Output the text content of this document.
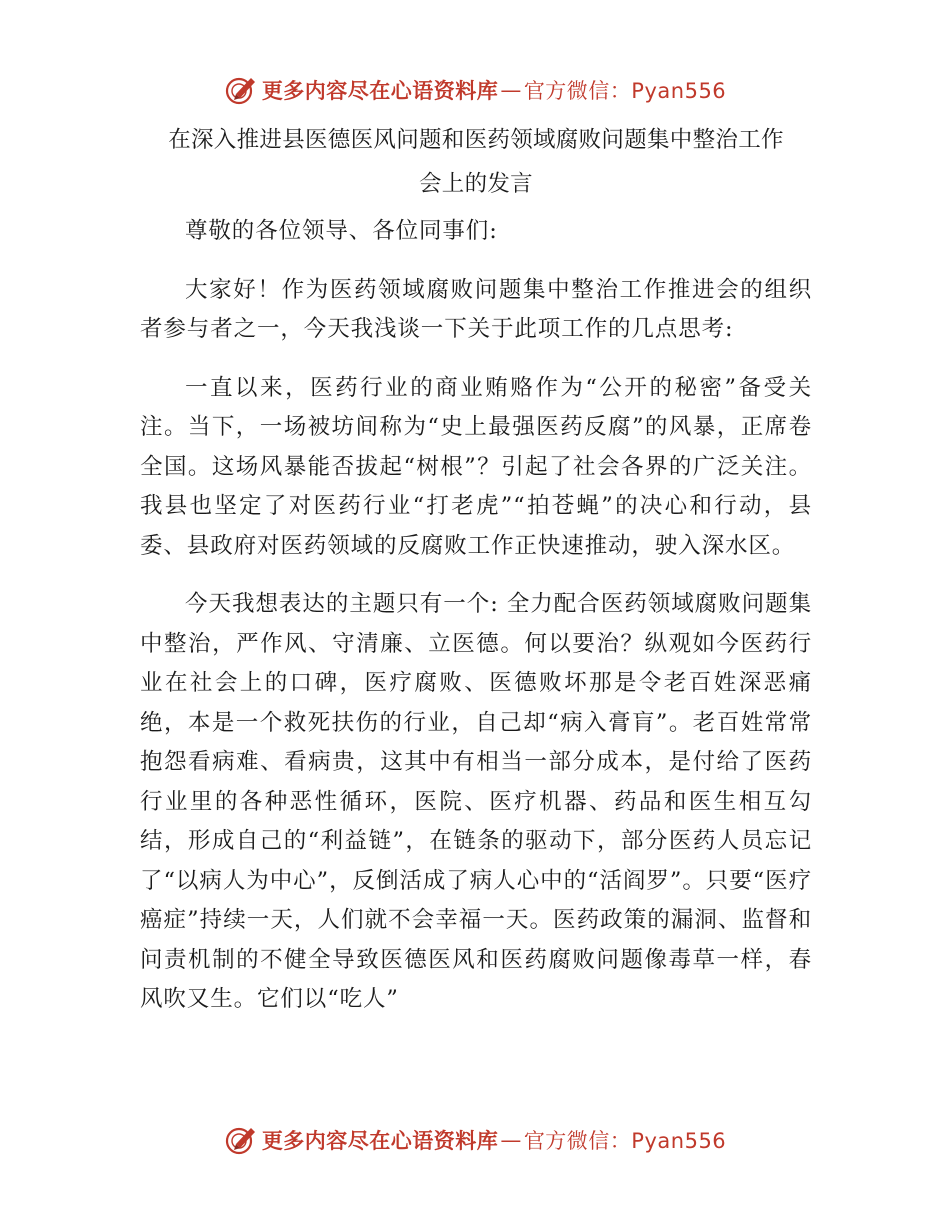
更多内容尽在心语资料库 — 官方微信：Pyan556
在深入推进县医德医风问题和医药领域腐败问题集中整治工作
会上的发言

尊敬的各位领导、各位同事们:

大家好！作为医药领域腐败问题集中整治工作推进会的组织者参与者之一，今天我浅谈一下关于此项工作的几点思考:

一直以来，医药行业的商业贿赂作为“公开的秘密”备受关注。当下，一场被坊间称为“史上最强医药反腐”的风暴，正席卷全国。这场风暴能否拔起“树根”？引起了社会各界的广泛关注。我县也坚定了对医药行业“打老虎”“拍苍蝇”的决心和行动，县委、县政府对医药领域的反腐败工作正快速推动，驶入深水区。

今天我想表达的主题只有一个: 全力配合医药领域腐败问题集中整治，严作风、守清廉、立医德。何以要治？纵观如今医药行业在社会上的口碑，医疗腐败、医德败坏那是令老百姓深恶痛绝，本是一个救死扶伤的行业，自己却“病入膏肓”。老百姓常常抱怨看病难、看病贵，这其中有相当一部分成本，是付给了医药行业里的各种恶性循环，医院、医疗机器、药品和医生相互勾结，形成自己的“利益链”，在链条的驱动下，部分医药人员忘记了“以病人为中心”，反倒活成了病人心中的“活阎罗”。只要“医疗癌症”持续一天，人们就不会幸福一天。医药政策的漏洞、监督和问责机制的不健全导致医德医风和医药腐败问题像毒草一样，春风吹又生。它们以“吃人”

更多内容尽在心语资料库 — 官方微信：Pyan556
